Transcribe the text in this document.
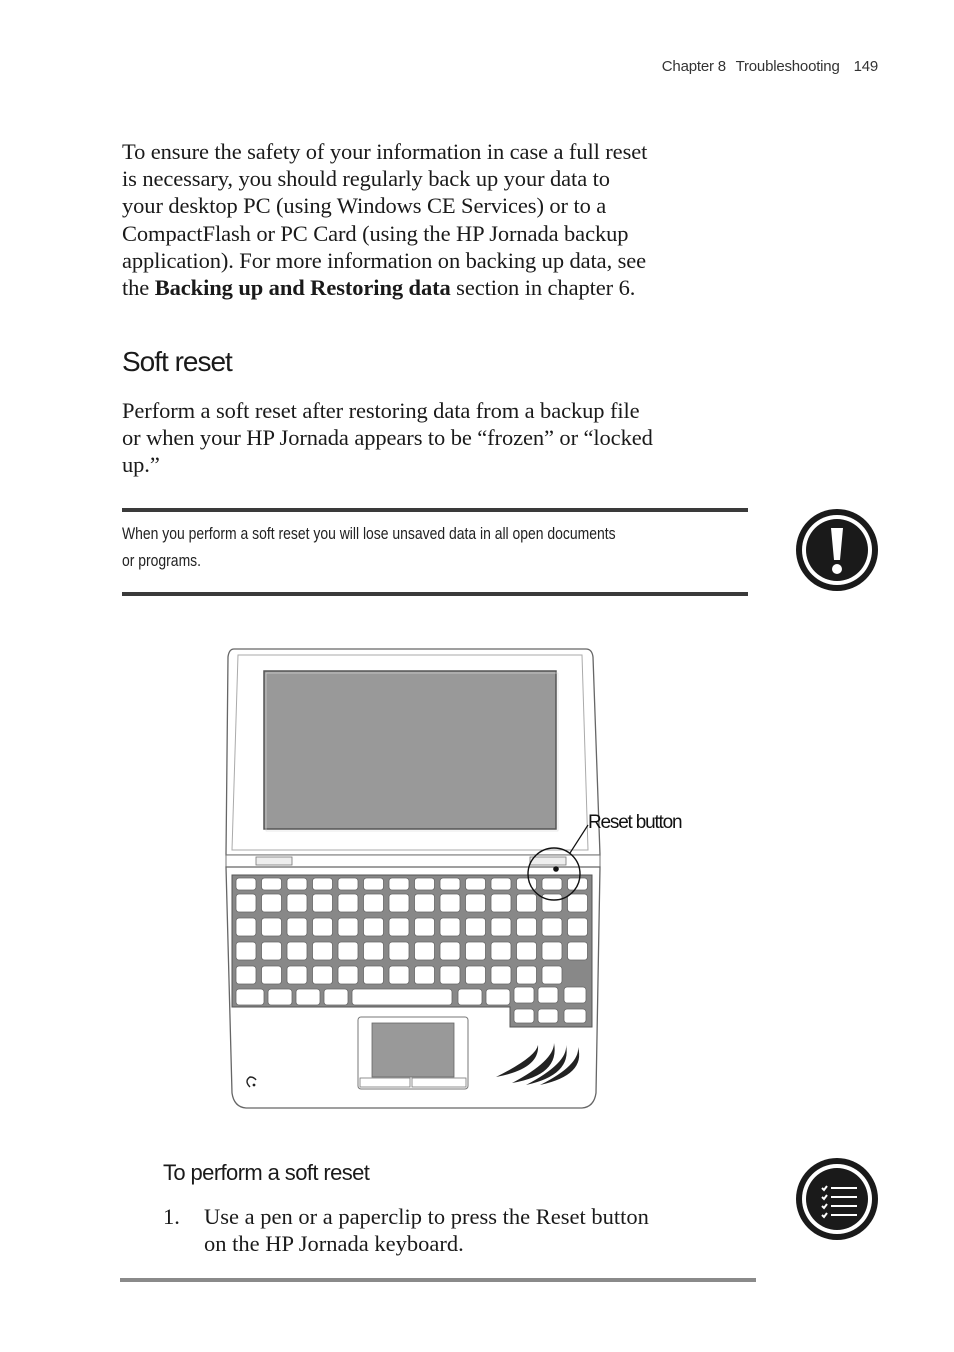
Chapter 8 Troubleshooting 149
To ensure the safety of your information in case a full reset
is necessary, you should regularly back up your data to
your desktop PC (using Windows CE Services) or to a
CompactFlash or PC Card (using the HP Jornada backup
application). For more information on backing up data, see
the Backing up and Restoring data section in chapter 6.
Soft reset
Perform a soft reset after restoring data from a backup file
or when your HP Jornada appears to be “frozen” or “locked
up.”
When you perform a soft reset you will lose unsaved data in all open documents
or programs.
Reset button
To perform a soft reset
1. Use a pen or a paperclip to press the Reset button
on the HP Jornada keyboard.
